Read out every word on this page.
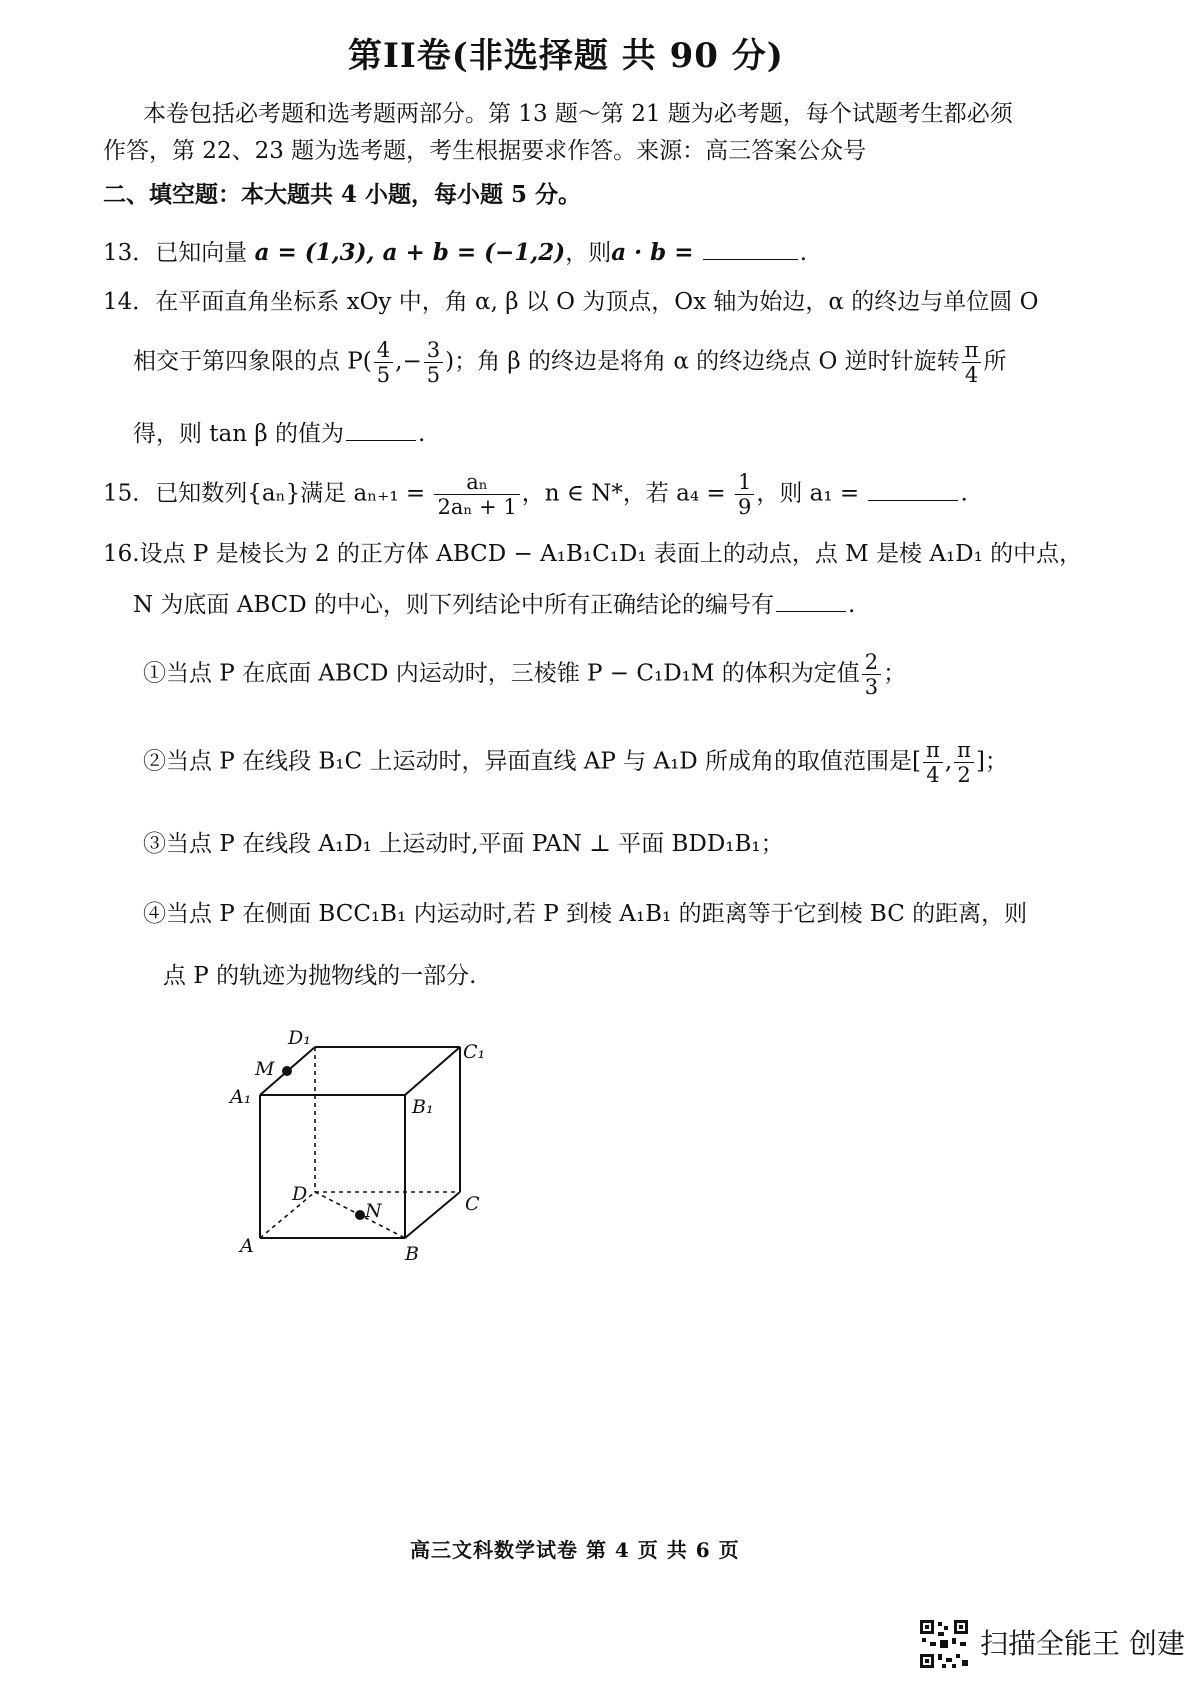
第II卷(非选择题 共 90 分)
本卷包括必考题和选考题两部分。第 13 题～第 21 题为必考题，每个试题考生都必须
作答，第 22、23 题为选考题，考生根据要求作答。来源：高三答案公众号
二、填空题：本大题共 4 小题，每小题 5 分。
13．已知向量 a = (1,3), a + b = (−1,2)，则a · b =	.
14．在平面直角坐标系 xOy 中，角 α, β 以 O 为顶点，Ox 轴为始边，α 的终边与单位圆 O
相交于第四象限的点 $P( \frac{4}{5}$ ,− $\frac{3}{5}$ )；角 β 的终边是将角 α 的终边绕点 O 逆时针旋转 $\frac{\pi}{4}$ 所
得，则 tan β 的值为	.
15．已知数列{aₙ}满足 $a_{n+1} = \frac{\text{aₙ}}{\text{2aₙ + 1}}$ ，n ∈ N*，若 $a_4 = \frac{1}{9}$ ，则 a₁ =	.
16.设点 P 是棱长为 2 的正方体 ABCD − A₁B₁C₁D₁ 表面上的动点，点 M 是棱 A₁D₁ 的中点，
N 为底面 ABCD 的中心，则下列结论中所有正确结论的编号有	.
①当点 P 在底面 ABCD 内运动时，三棱锥 P − C₁D₁M 的体积为定值 $\frac{2}{3}$ ；
②当点 P 在线段 B₁C 上运动时，异面直线 AP 与 A₁D 所成角的取值范围是[ $\frac{\pi}{4}$ , $\frac{\pi}{2}$ ]；
③当点 P 在线段 A₁D₁ 上运动时,平面 PAN ⊥ 平面 BDD₁B₁；
④当点 P 在侧面 BCC₁B₁ 内运动时,若 P 到棱 A₁B₁ 的距离等于它到棱 BC 的距离，则
点 P 的轨迹为抛物线的一部分.
D₁
C₁
M
A₁	B₁
D	C
N
A	B
高三文科数学试卷 第 4 页 共 6 页
扫描全能王 创建
